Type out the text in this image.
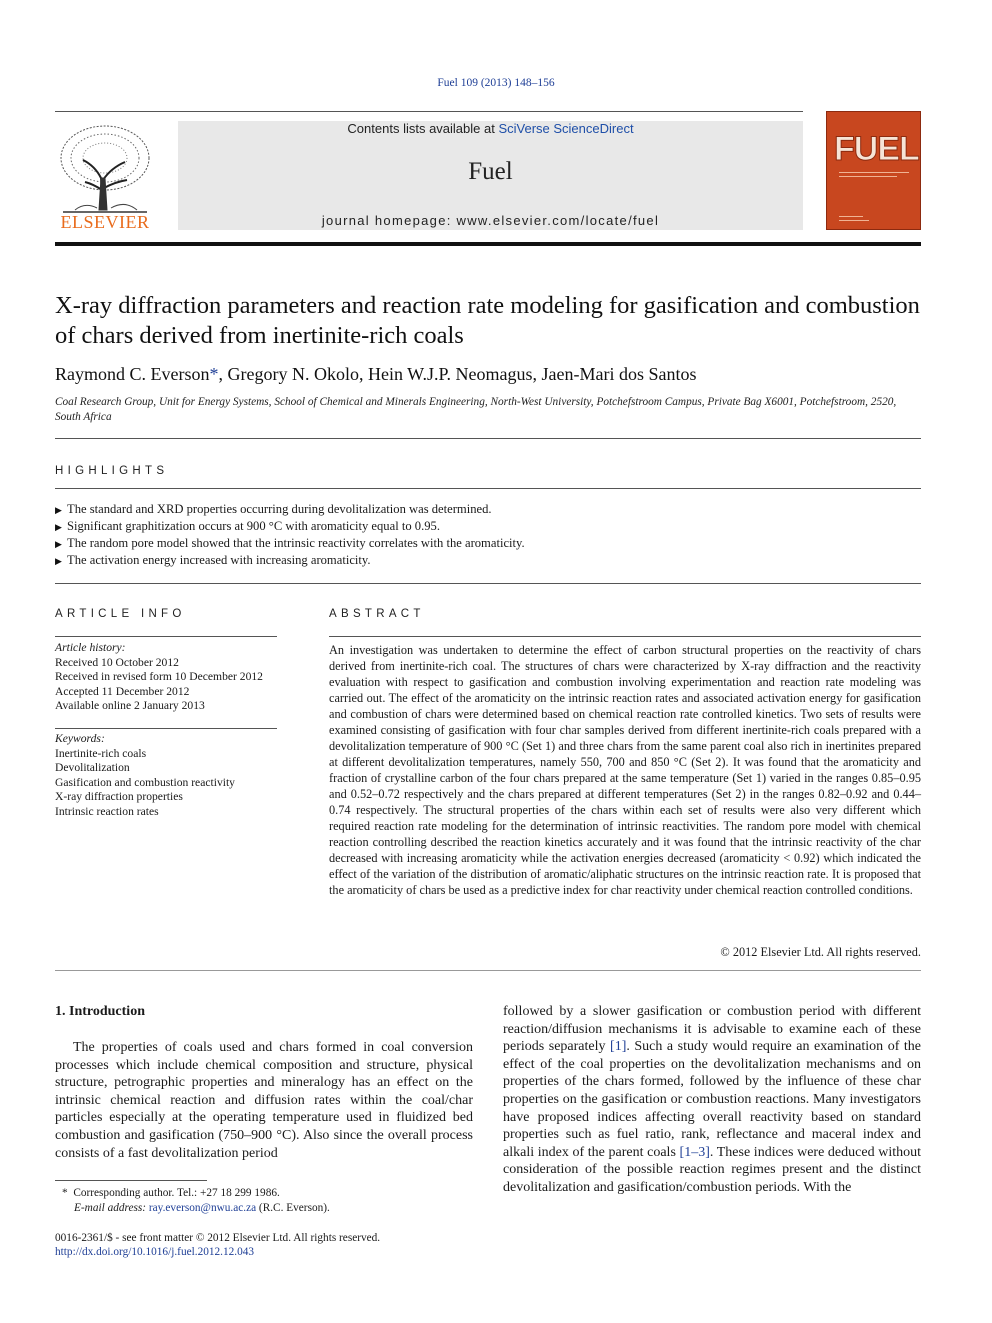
Fuel 109 (2013) 148–156
ELSEVIER
Contents lists available at SciVerse ScienceDirect
Fuel
journal homepage: www.elsevier.com/locate/fuel
FUEL
X-ray diffraction parameters and reaction rate modeling for gasification and combustion of chars derived from inertinite-rich coals
Raymond C. Everson*, Gregory N. Okolo, Hein W.J.P. Neomagus, Jaen-Mari dos Santos
Coal Research Group, Unit for Energy Systems, School of Chemical and Minerals Engineering, North-West University, Potchefstroom Campus, Private Bag X6001, Potchefstroom, 2520, South Africa
HIGHLIGHTS
▶ The standard and XRD properties occurring during devolitalization was determined.
▶ Significant graphitization occurs at 900 °C with aromaticity equal to 0.95.
▶ The random pore model showed that the intrinsic reactivity correlates with the aromaticity.
▶ The activation energy increased with increasing aromaticity.
ARTICLE INFO
Article history:
Received 10 October 2012
Received in revised form 10 December 2012
Accepted 11 December 2012
Available online 2 January 2013
Keywords:
Inertinite-rich coals
Devolitalization
Gasification and combustion reactivity
X-ray diffraction properties
Intrinsic reaction rates
ABSTRACT
An investigation was undertaken to determine the effect of carbon structural properties on the reactivity of chars derived from inertinite-rich coal. The structures of chars were characterized by X-ray diffraction and the reactivity evaluation with respect to gasification and combustion involving experimentation and reaction rate modeling was carried out. The effect of the aromaticity on the intrinsic reaction rates and associated activation energy for gasification and combustion of chars were determined based on chemical reaction rate controlled kinetics. Two sets of results were examined consisting of gasification with four char samples derived from different inertinite-rich coals prepared with a devolitalization temperature of 900 °C (Set 1) and three chars from the same parent coal also rich in inertinites prepared at different devolitalization temperatures, namely 550, 700 and 850 °C (Set 2). It was found that the aromaticity and fraction of crystalline carbon of the four chars prepared at the same temperature (Set 1) varied in the ranges 0.85–0.95 and 0.52–0.72 respectively and the chars prepared at different temperatures (Set 2) in the ranges 0.82–0.92 and 0.44–0.74 respectively. The structural properties of the chars within each set of results were also very different which required reaction rate modeling for the determination of intrinsic reactivities. The random pore model with chemical reaction controlling described the reaction kinetics accurately and it was found that the intrinsic reactivity of the char decreased with increasing aromaticity while the activation energies decreased (aromaticity < 0.92) which indicated the effect of the variation of the distribution of aromatic/aliphatic structures on the intrinsic reaction rate. It is proposed that the aromaticity of chars be used as a predictive index for char reactivity under chemical reaction controlled conditions.
© 2012 Elsevier Ltd. All rights reserved.
1. Introduction
The properties of coals used and chars formed in coal conversion processes which include chemical composition and structure, physical structure, petrographic properties and mineralogy has an effect on the intrinsic chemical reaction and diffusion rates within the coal/char particles especially at the operating temperature used in fluidized bed combustion and gasification (750–900 °C). Also since the overall process consists of a fast devolitalization period
followed by a slower gasification or combustion period with different reaction/diffusion mechanisms it is advisable to examine each of these periods separately [1]. Such a study would require an examination of the effect of the coal properties on the devolitalization mechanisms and on properties of the chars formed, followed by the influence of these char properties on the gasification or combustion reactions. Many investigators have proposed indices affecting overall reactivity based on standard properties such as fuel ratio, rank, reflectance and maceral index and alkali index of the parent coals [1–3]. These indices were deduced without consideration of the possible reaction regimes present and the distinct devolitalization and gasification/combustion periods. With the
* Corresponding author. Tel.: +27 18 299 1986.
E-mail address: ray.everson@nwu.ac.za (R.C. Everson).
0016-2361/$ - see front matter © 2012 Elsevier Ltd. All rights reserved.
http://dx.doi.org/10.1016/j.fuel.2012.12.043
